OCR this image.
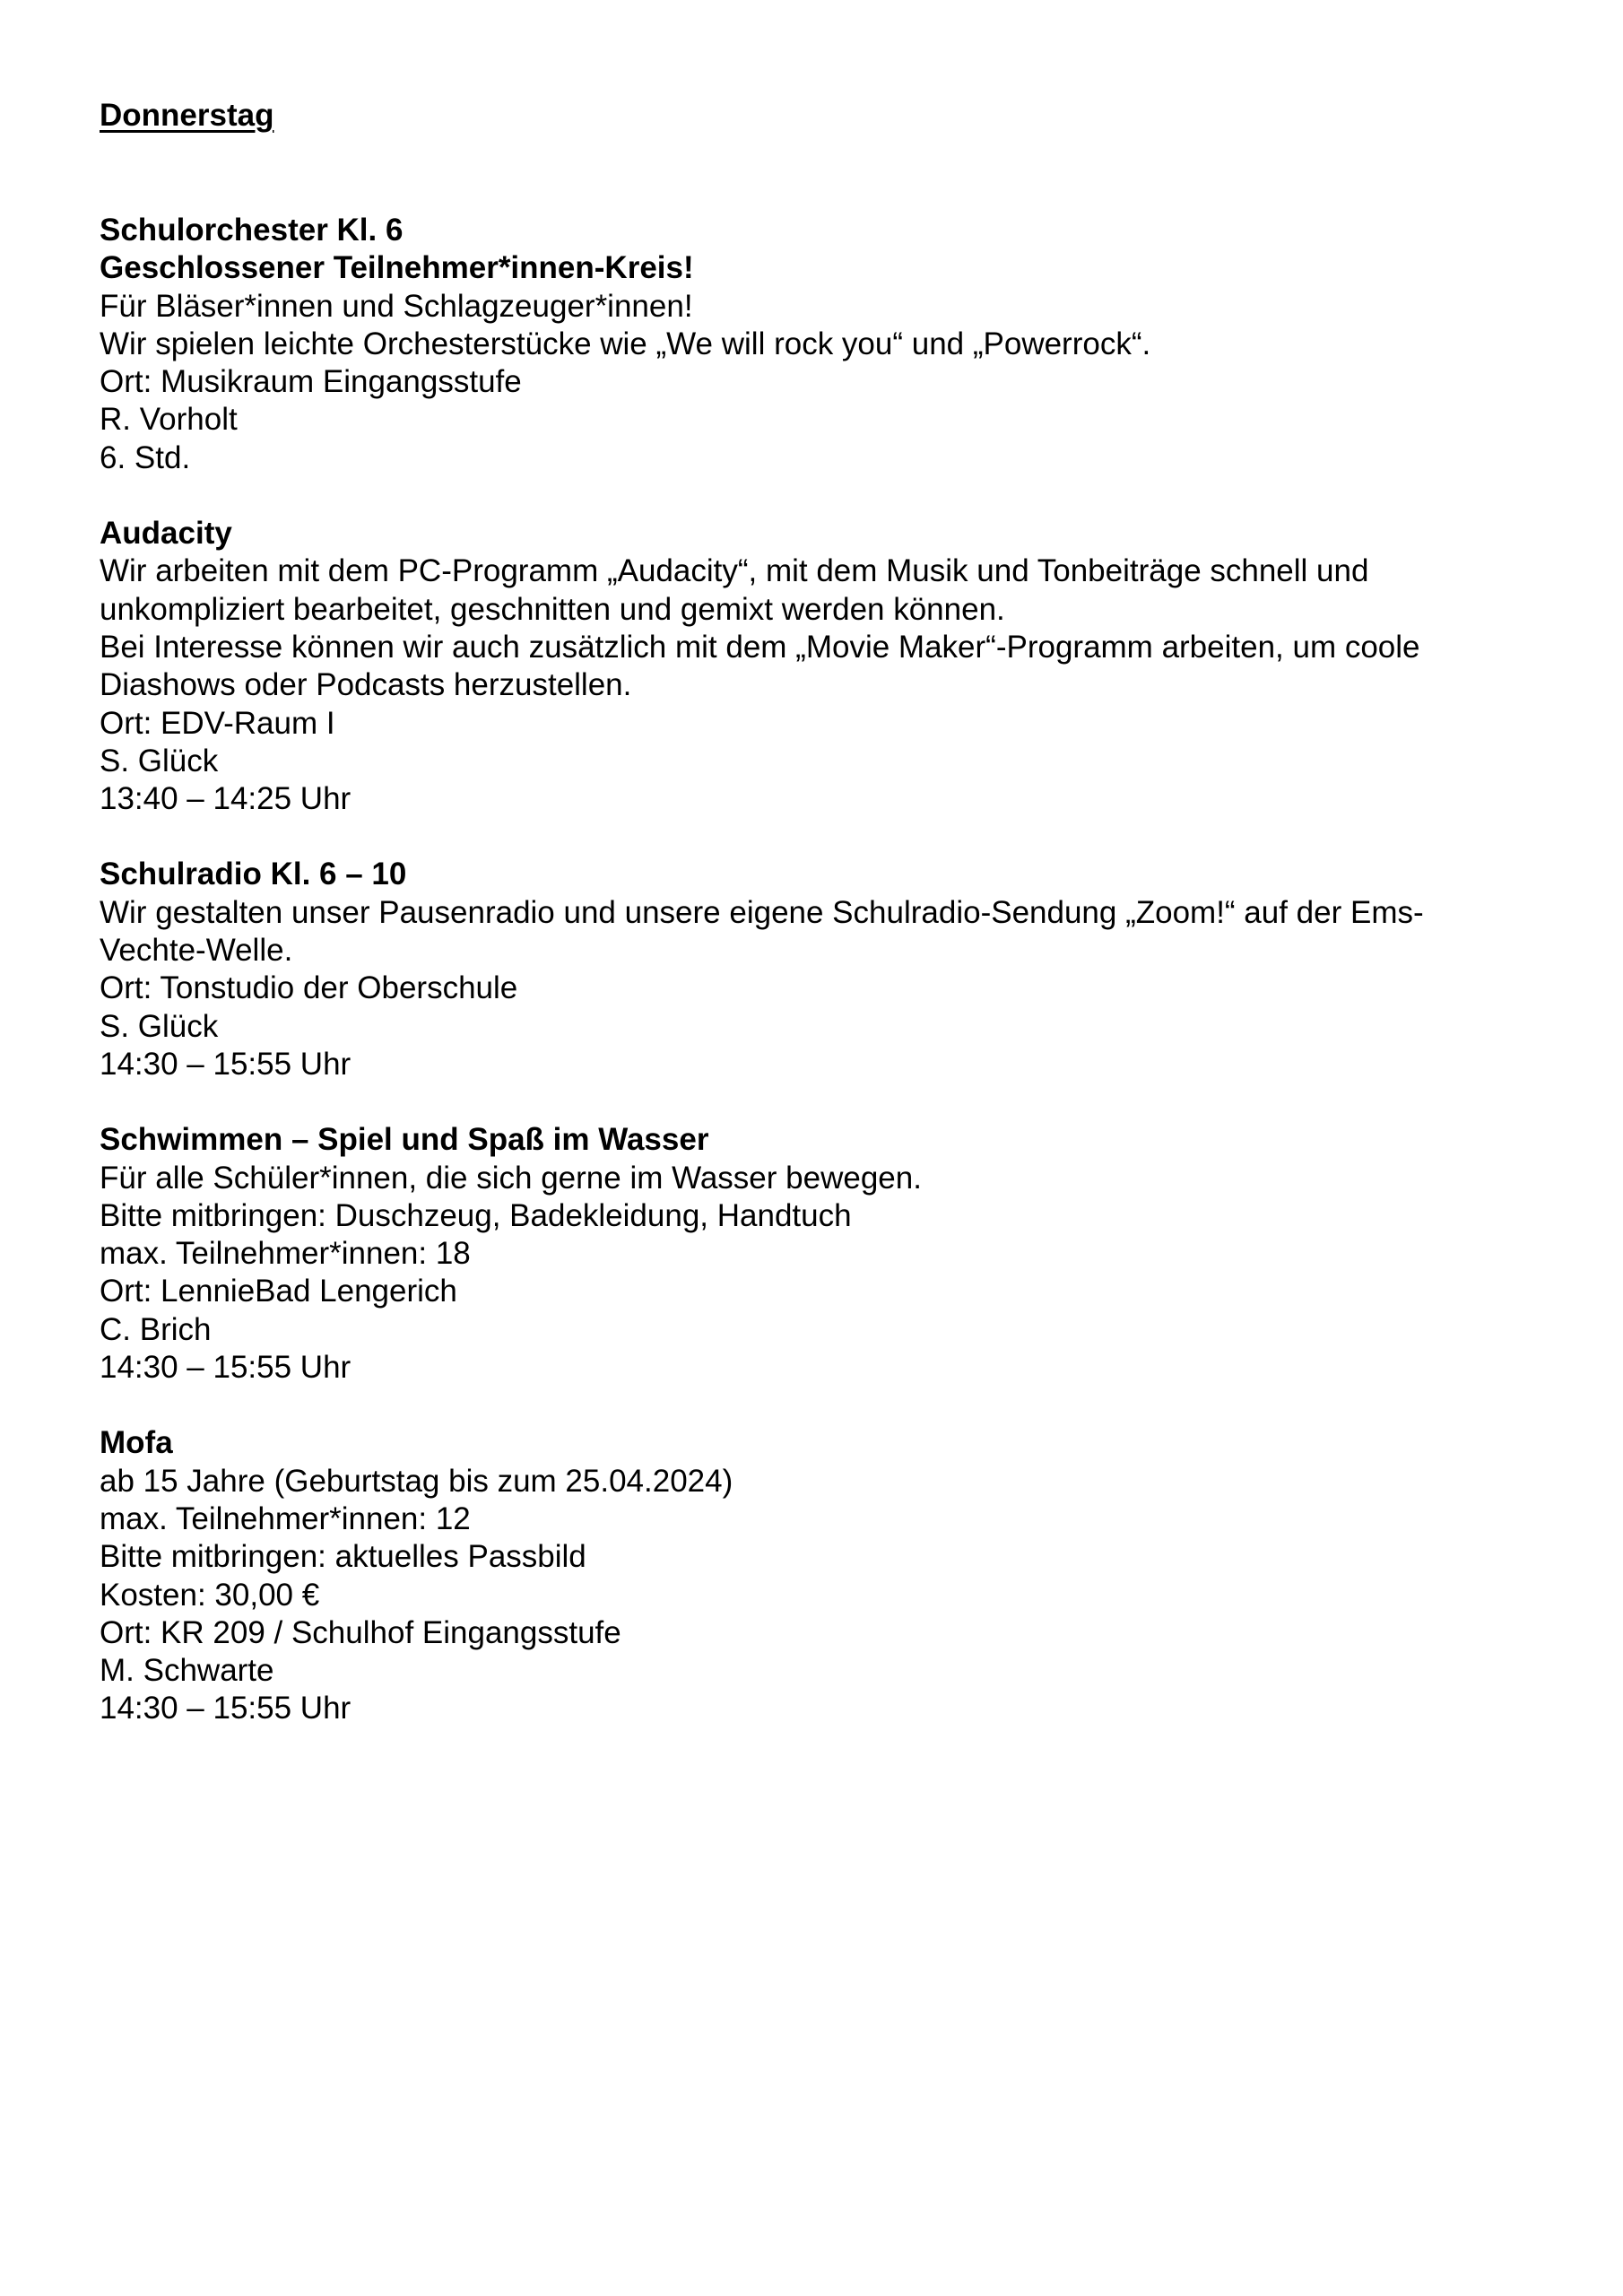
Donnerstag
Schulorchester Kl. 6
Geschlossener Teilnehmer*innen-Kreis!
Für Bläser*innen und Schlagzeuger*innen!
Wir spielen leichte Orchesterstücke wie „We will rock you“ und „Powerrock“.
Ort: Musikraum Eingangsstufe
R. Vorholt
6. Std.
Audacity
Wir arbeiten mit dem PC-Programm „Audacity“, mit dem Musik und Tonbeiträge schnell und
unkompliziert bearbeitet, geschnitten und gemixt werden können.
Bei Interesse können wir auch zusätzlich mit dem „Movie Maker“-Programm arbeiten, um coole
Diashows oder Podcasts herzustellen.
Ort: EDV-Raum I
S. Glück
13:40 – 14:25 Uhr
Schulradio Kl. 6 – 10
Wir gestalten unser Pausenradio und unsere eigene Schulradio-Sendung „Zoom!“ auf der Ems-
Vechte-Welle.
Ort: Tonstudio der Oberschule
S. Glück
14:30 – 15:55 Uhr
Schwimmen – Spiel und Spaß im Wasser
Für alle Schüler*innen, die sich gerne im Wasser bewegen.
Bitte mitbringen: Duschzeug, Badekleidung, Handtuch
max. Teilnehmer*innen: 18
Ort: LennieBad Lengerich
C. Brich
14:30 – 15:55 Uhr
Mofa
ab 15 Jahre (Geburtstag bis zum 25.04.2024)
max. Teilnehmer*innen: 12
Bitte mitbringen: aktuelles Passbild
Kosten: 30,00 €
Ort: KR 209 / Schulhof Eingangsstufe
M. Schwarte
14:30 – 15:55 Uhr
